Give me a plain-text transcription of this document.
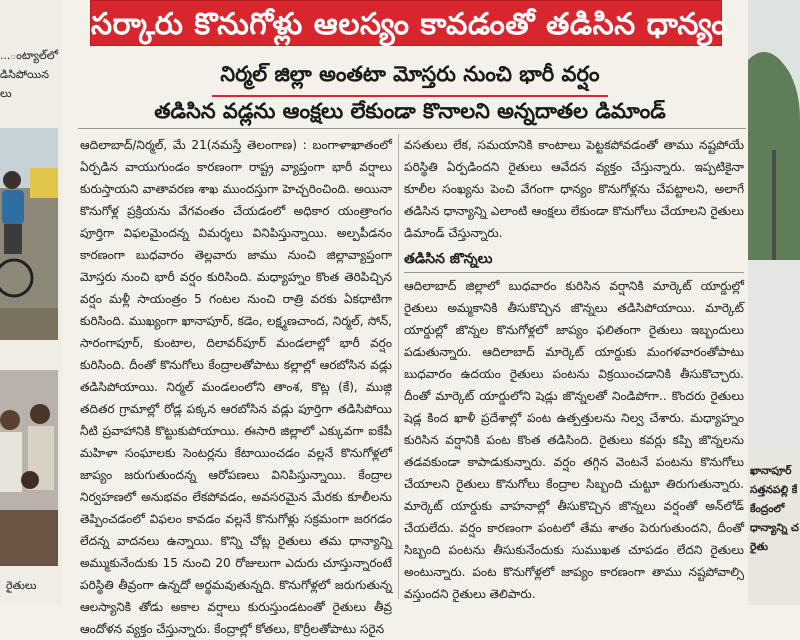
...ంట్యాల్‌లో
డిసిపోయిన
లు
రైతులు
సర్కారు కొనుగోళ్లు ఆలస్యం కావడంతో తడిసిన ధాన్యం
నిర్మల్‌ జిల్లా అంతటా మోస్తరు నుంచి భారీ వర్షం
తడిసిన వడ్లను ఆంక్షలు లేకుండా కొనాలని అన్నదాతల డిమాండ్‌

ఆదిలాబాద్‌/నిర్మల్‌, మే 21(నమస్తే తెలంగాణ) : బంగాళాఖాతంలో ఏర్పడిన వాయుగుండం కారణంగా రాష్ట్ర వ్యాప్తంగా భారీ వర్షాలు కురుస్తాయని వాతావరణ శాఖ ముందస్తుగా హెచ్చరించింది. అయినా కొనుగోళ్ల ప్రక్రియను వేగవంతం చేయడంలో అధికార యంత్రాంగం పూర్తిగా విఫలమైందన్న విమర్శలు వినిపిస్తున్నాయి. అల్పపీడనం కారణంగా బుధవారం తెల్లవారు జాము నుంచి జిల్లావ్యాప్తంగా మోస్తరు నుంచి భారీ వర్షం కురిసింది. మధ్యాహ్నం కొంత తెరిపిచ్చిన వర్షం మళ్లీ సాయంత్రం 5 గంటల నుంచి రాత్రి వరకు ఏకధాటిగా కురిసింది. ముఖ్యంగా ఖానాపూర్‌, కడెం, లక్ష్మణచాంద, నిర్మల్‌, సోన్‌, సారంగాపూర్‌, కుంటాల, దిలావర్‌పూర్‌ మండలాల్లో భారీ వర్షం కురిసింది. దీంతో కొనుగోలు కేంద్రాలతోపాటు కల్లాల్లో ఆరబోసిన వడ్లు తడిసిపోయాయి. నిర్మల్‌ మండలంలోని తాంశ, కొట్ల (కే), ముజ్గి తదితర గ్రామాల్లో రోడ్ల పక్కన ఆరబోసిన వడ్లు పూర్తిగా తడిసిపోయి నీటి ప్రవాహానికి కొట్టుకుపోయాయి. ఈసారి జిల్లాలో ఎక్కువగా ఐకేపీ మహిళా సంఘాలకు సెంటర్లను కేటాయించడం వల్లనే కొనుగోళ్లలో జాప్యం జరుగుతుందన్న ఆరోపణలు వినిపిస్తున్నాయి. కేంద్రాల నిర్వహణలో అనుభవం లేకపోవడం, అవసరమైన మేరకు కూలీలను తెప్పించడంలో విఫలం కావడం వల్లనే కొనుగోళ్లు సక్రమంగా జరగడం లేదన్న వాదనలు ఉన్నాయి. కొన్ని చోట్ల రైతులు తమ ధాన్యాన్ని అమ్ముకునేందుకు 15 నుంచి 20 రోజులుగా ఎదురు చూస్తున్నారంటే పరిస్థితి తీవ్రంగా ఉన్నదో అర్థమవుతున్నది. కొనుగోళ్లలో జరుగుతున్న ఆలస్యానికి తోడు అకాల వర్షాలు కురుస్తుండటంతో రైతులు తీవ్ర ఆందోళన వ్యక్తం చేస్తున్నారు. కేంద్రాల్లో కోతలు, కొర్రీలతోపాటు సరైన

వసతులు లేక, సమయానికి కాంటాలు పెట్టకపోవడంతో తాము నష్టపోయే పరిస్థితి ఏర్పడిందని రైతులు ఆవేదన వ్యక్తం చేస్తున్నారు. ఇప్పటికైనా కూలీల సంఖ్యను పెంచి వేగంగా ధాన్యం కొనుగోళ్లను చేపట్టాలని, అలాగే తడిసిన ధాన్యాన్ని ఎలాంటి ఆంక్షలు లేకుండా కొనుగోలు చేయాలని రైతులు డిమాండ్‌ చేస్తున్నారు.

తడిసిన జొన్నలు

ఆదిలాబాద్‌ జిల్లాలో బుధవారం కురిసిన వర్షానికి మార్కెట్‌ యార్డుల్లో రైతులు అమ్మకానికి తీసుకొచ్చిన జొన్నలు తడిసిపోయాయి. మార్కెట్‌ యార్డుల్లో జొన్నల కొనుగోళ్లలో జాప్యం ఫలితంగా రైతులు ఇబ్బందులు పడుతున్నారు. ఆదిలాబాద్‌ మార్కెట్‌ యార్డుకు మంగళవారంతోపాటు బుధవారం ఉదయం రైతులు పంటను విక్రయించడానికి తీసుకొచ్చారు. దీంతో మార్కెట్‌ యార్డులోని షెడ్లు జొన్నలతో నిండిపోగా.. కొందరు రైతులు షెడ్ల కింద ఖాళీ ప్రదేశాల్లో పంట ఉత్పత్తులను నిల్వ చేశారు. మధ్యాహ్నం కురిసిన వర్షానికి పంట కొంత తడిసింది. రైతులు కవర్లు కప్పి జొన్నలను తడవకుండా కాపాడుకున్నారు. వర్షం తగ్గిన వెంటనే పంటను కొనుగోలు చేయాలని రైతులు కొనుగోలు కేంద్రాల సిబ్బంది చుట్టూ తిరుగుతున్నారు. మార్కెట్‌ యార్డుకు వాహనాల్లో తీసుకొచ్చిన జొన్నలు వర్షంతో అన్‌లోడ్‌ చేయలేదు. వర్షం కారణంగా పంటలో తేమ శాతం పెరుగుతుందని, దీంతో సిబ్బంది పంటను తీసుకునేందుకు సుముఖత చూపడం లేదని రైతులు అంటున్నారు. పంట కొనుగోళ్లలో జాప్యం కారణంగా తాము నష్టపోవాల్సి వస్తుందని రైతులు తెలిపారు.

ఖానాపూర్‌
సత్తనపల్లి కే
కేంద్రంలో
ధాన్యాన్ని చ
రైతు
